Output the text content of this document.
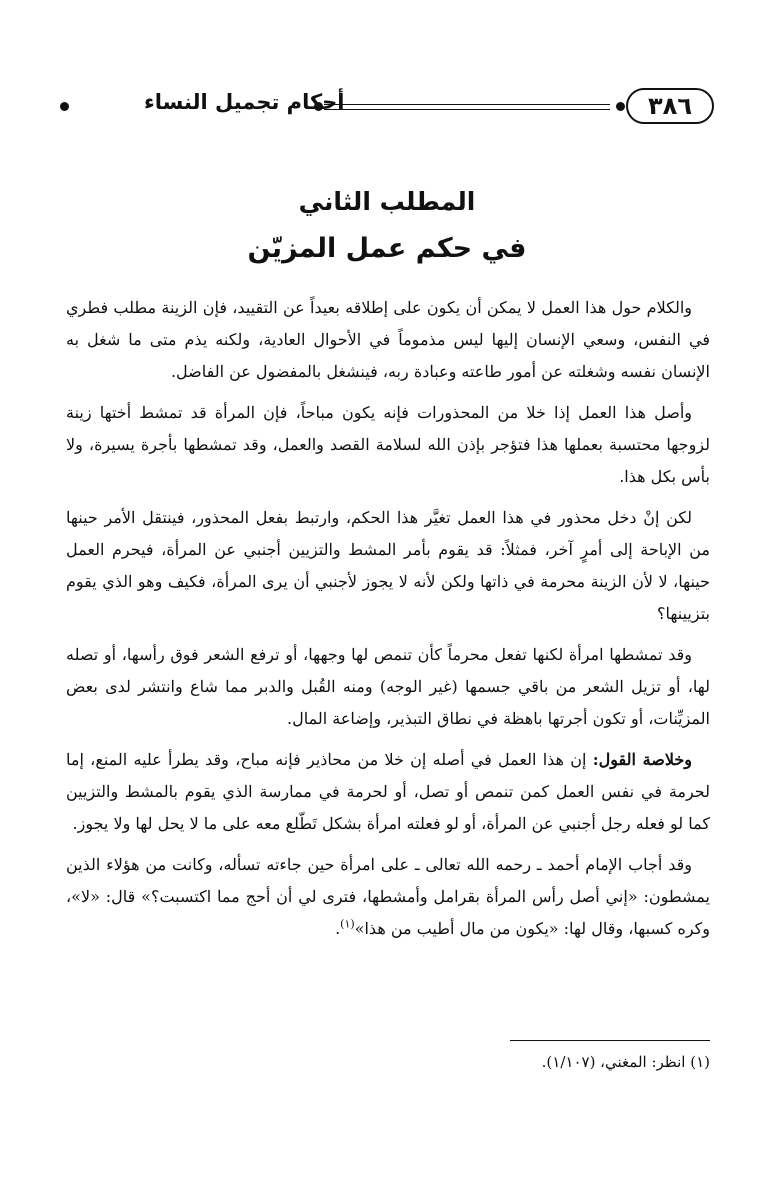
٣٨٦
أحكام تجميل النساء
المطلب الثاني
في حكم عمل المزيّن

والكلام حول هذا العمل لا يمكن أن يكون على إطلاقه بعيداً عن التقييد، فإن الزينة مطلب فطري في النفس، وسعي الإنسان إليها ليس مذموماً في الأحوال العادية، ولكنه يذم متى ما شغل به الإنسان نفسه وشغلته عن أمور طاعته وعبادة ربه، فينشغل بالمفضول عن الفاضل.

وأصل هذا العمل إذا خلا من المحذورات فإنه يكون مباحاً، فإن المرأة قد تمشط أختها زينة لزوجها محتسبة بعملها هذا فتؤجر بإذن الله لسلامة القصد والعمل، وقد تمشطها بأجرة يسيرة، ولا بأس بكل هذا.

لكن إنْ دخل محذور في هذا العمل تغيَّر هذا الحكم، وارتبط بفعل المحذور، فينتقل الأمر حينها من الإباحة إلى أمرٍ آخر، فمثلاً: قد يقوم بأمر المشط والتزيين أجنبي عن المرأة، فيحرم العمل حينها، لا لأن الزينة محرمة في ذاتها ولكن لأنه لا يجوز لأجنبي أن يرى المرأة، فكيف وهو الذي يقوم بتزيينها؟

وقد تمشطها امرأة لكنها تفعل محرماً كأن تنمص لها وجهها، أو ترفع الشعر فوق رأسها، أو تصله لها، أو تزيل الشعر من باقي جسمها (غير الوجه) ومنه القُبل والدبر مما شاع وانتشر لدى بعض المزيِّنات، أو تكون أجرتها باهظة في نطاق التبذير، وإضاعة المال.

وخلاصة القول: إن هذا العمل في أصله إن خلا من محاذير فإنه مباح، وقد يطرأ عليه المنع، إما لحرمة في نفس العمل كمن تنمص أو تصل، أو لحرمة في ممارسة الذي يقوم بالمشط والتزيين كما لو فعله رجل أجنبي عن المرأة، أو لو فعلته امرأة بشكل تَطّلع معه على ما لا يحل لها ولا يجوز.

وقد أجاب الإمام أحمد ـ رحمه الله تعالى ـ على امرأة حين جاءته تسأله، وكانت من هؤلاء الذين يمشطون: «إني أصل رأس المرأة بقرامل وأمشطها، فترى لي أن أحج مما اكتسبت؟» قال: «لا»، وكره كسبها، وقال لها: «يكون من مال أطيب من هذا»$^{(١)}$.

(١) انظر: المغني، (١/١٠٧).
